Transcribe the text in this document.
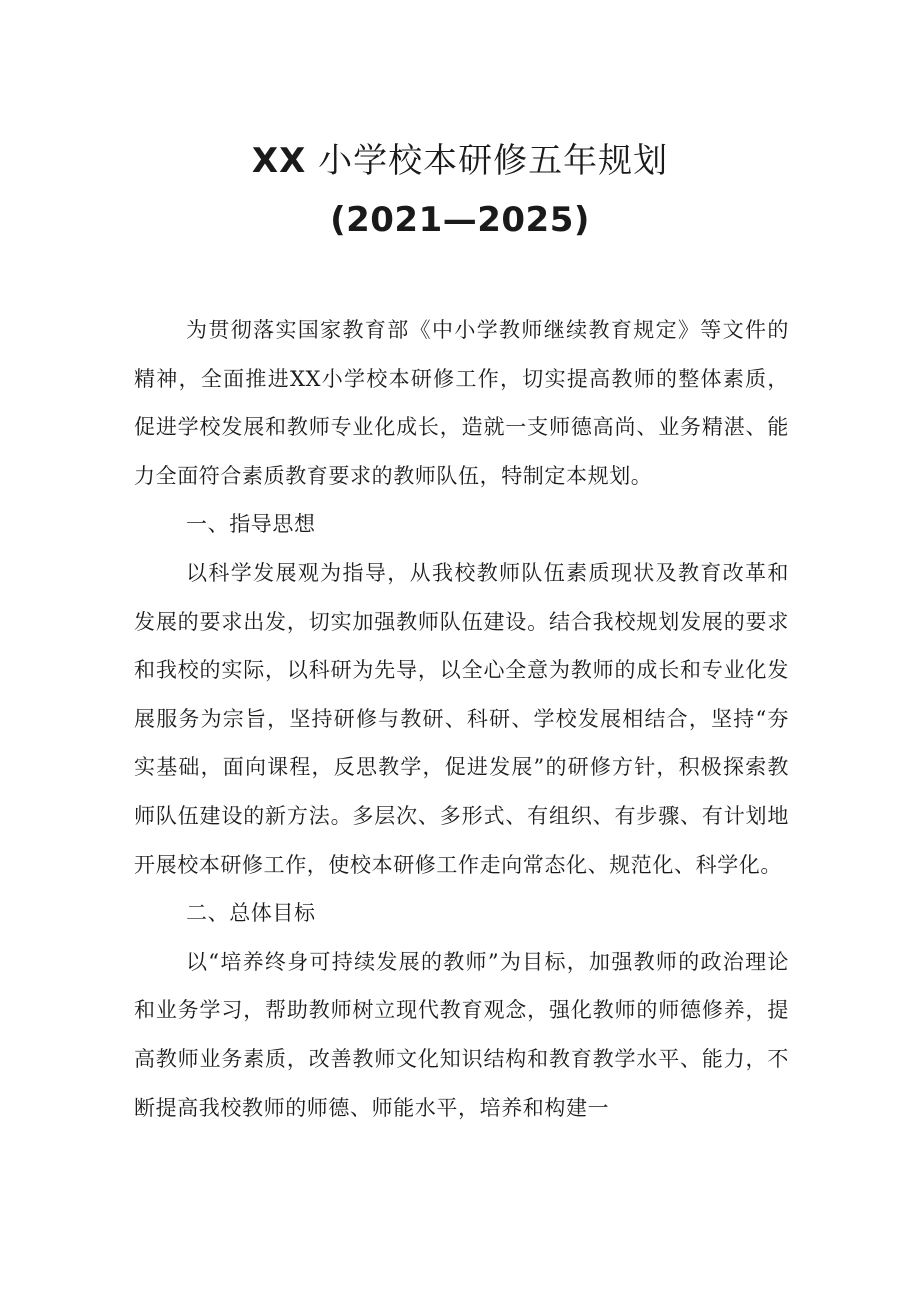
XX 小学校本研修五年规划
(2021—2025)

为贯彻落实国家教育部《中小学教师继续教育规定》等文件的精神，全面推进XX小学校本研修工作，切实提高教师的整体素质，促进学校发展和教师专业化成长，造就一支师德高尚、业务精湛、能力全面符合素质教育要求的教师队伍，特制定本规划。

一、指导思想

以科学发展观为指导，从我校教师队伍素质现状及教育改革和发展的要求出发，切实加强教师队伍建设。结合我校规划发展的要求和我校的实际，以科研为先导，以全心全意为教师的成长和专业化发展服务为宗旨，坚持研修与教研、科研、学校发展相结合，坚持“夯实基础，面向课程，反思教学，促进发展”的研修方针，积极探索教师队伍建设的新方法。多层次、多形式、有组织、有步骤、有计划地开展校本研修工作，使校本研修工作走向常态化、规范化、科学化。

二、总体目标

以“培养终身可持续发展的教师”为目标，加强教师的政治理论和业务学习，帮助教师树立现代教育观念，强化教师的师德修养，提高教师业务素质，改善教师文化知识结构和教育教学水平、能力，不断提高我校教师的师德、师能水平，培养和构建一
